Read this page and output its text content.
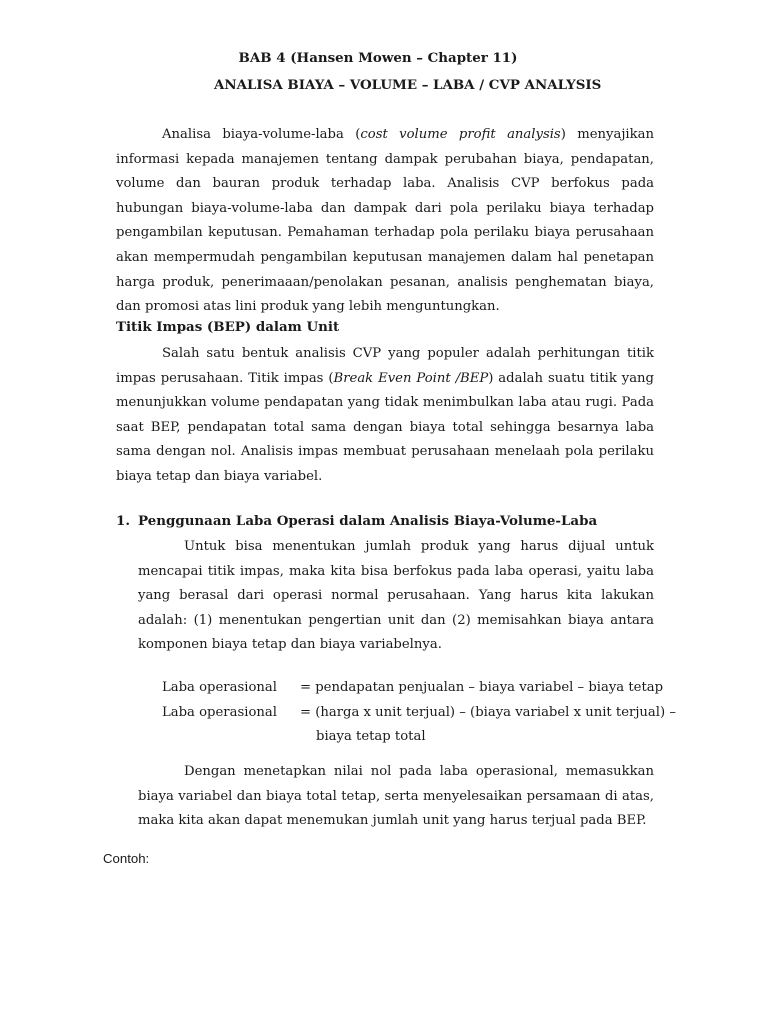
BAB 4 (Hansen Mowen – Chapter 11)
ANALISA BIAYA – VOLUME – LABA / CVP ANALYSIS

Analisa biaya-volume-laba (cost volume profit analysis) menyajikan informasi kepada manajemen tentang dampak perubahan biaya, pendapatan, volume dan bauran produk terhadap laba. Analisis CVP berfokus pada hubungan biaya-volume-laba dan dampak dari pola perilaku biaya terhadap pengambilan keputusan. Pemahaman terhadap pola perilaku biaya perusahaan akan mempermudah pengambilan keputusan manajemen dalam hal penetapan harga produk, penerimaaan/penolakan pesanan, analisis penghematan biaya, dan promosi atas lini produk yang lebih menguntungkan.

Titik Impas (BEP) dalam Unit

Salah satu bentuk analisis CVP yang populer adalah perhitungan titik impas perusahaan. Titik impas (Break Even Point /BEP) adalah suatu titik yang menunjukkan volume pendapatan yang tidak menimbulkan laba atau rugi. Pada saat BEP, pendapatan total sama dengan biaya total sehingga besarnya laba sama dengan nol. Analisis impas membuat perusahaan menelaah pola perilaku biaya tetap dan biaya variabel.

1. Penggunaan Laba Operasi dalam Analisis Biaya-Volume-Laba

Untuk bisa menentukan jumlah produk yang harus dijual untuk mencapai titik impas, maka kita bisa berfokus pada laba operasi, yaitu laba yang berasal dari operasi normal perusahaan. Yang harus kita lakukan adalah: (1) menentukan pengertian unit dan (2) memisahkan biaya antara komponen biaya tetap dan biaya variabelnya.

Laba operasional = pendapatan penjualan – biaya variabel – biaya tetap
Laba operasional = (harga x unit terjual) – (biaya variabel x unit terjual) –
biaya tetap total

Dengan menetapkan nilai nol pada laba operasional, memasukkan biaya variabel dan biaya total tetap, serta menyelesaikan persamaan di atas, maka kita akan dapat menemukan jumlah unit yang harus terjual pada BEP.

Contoh:
